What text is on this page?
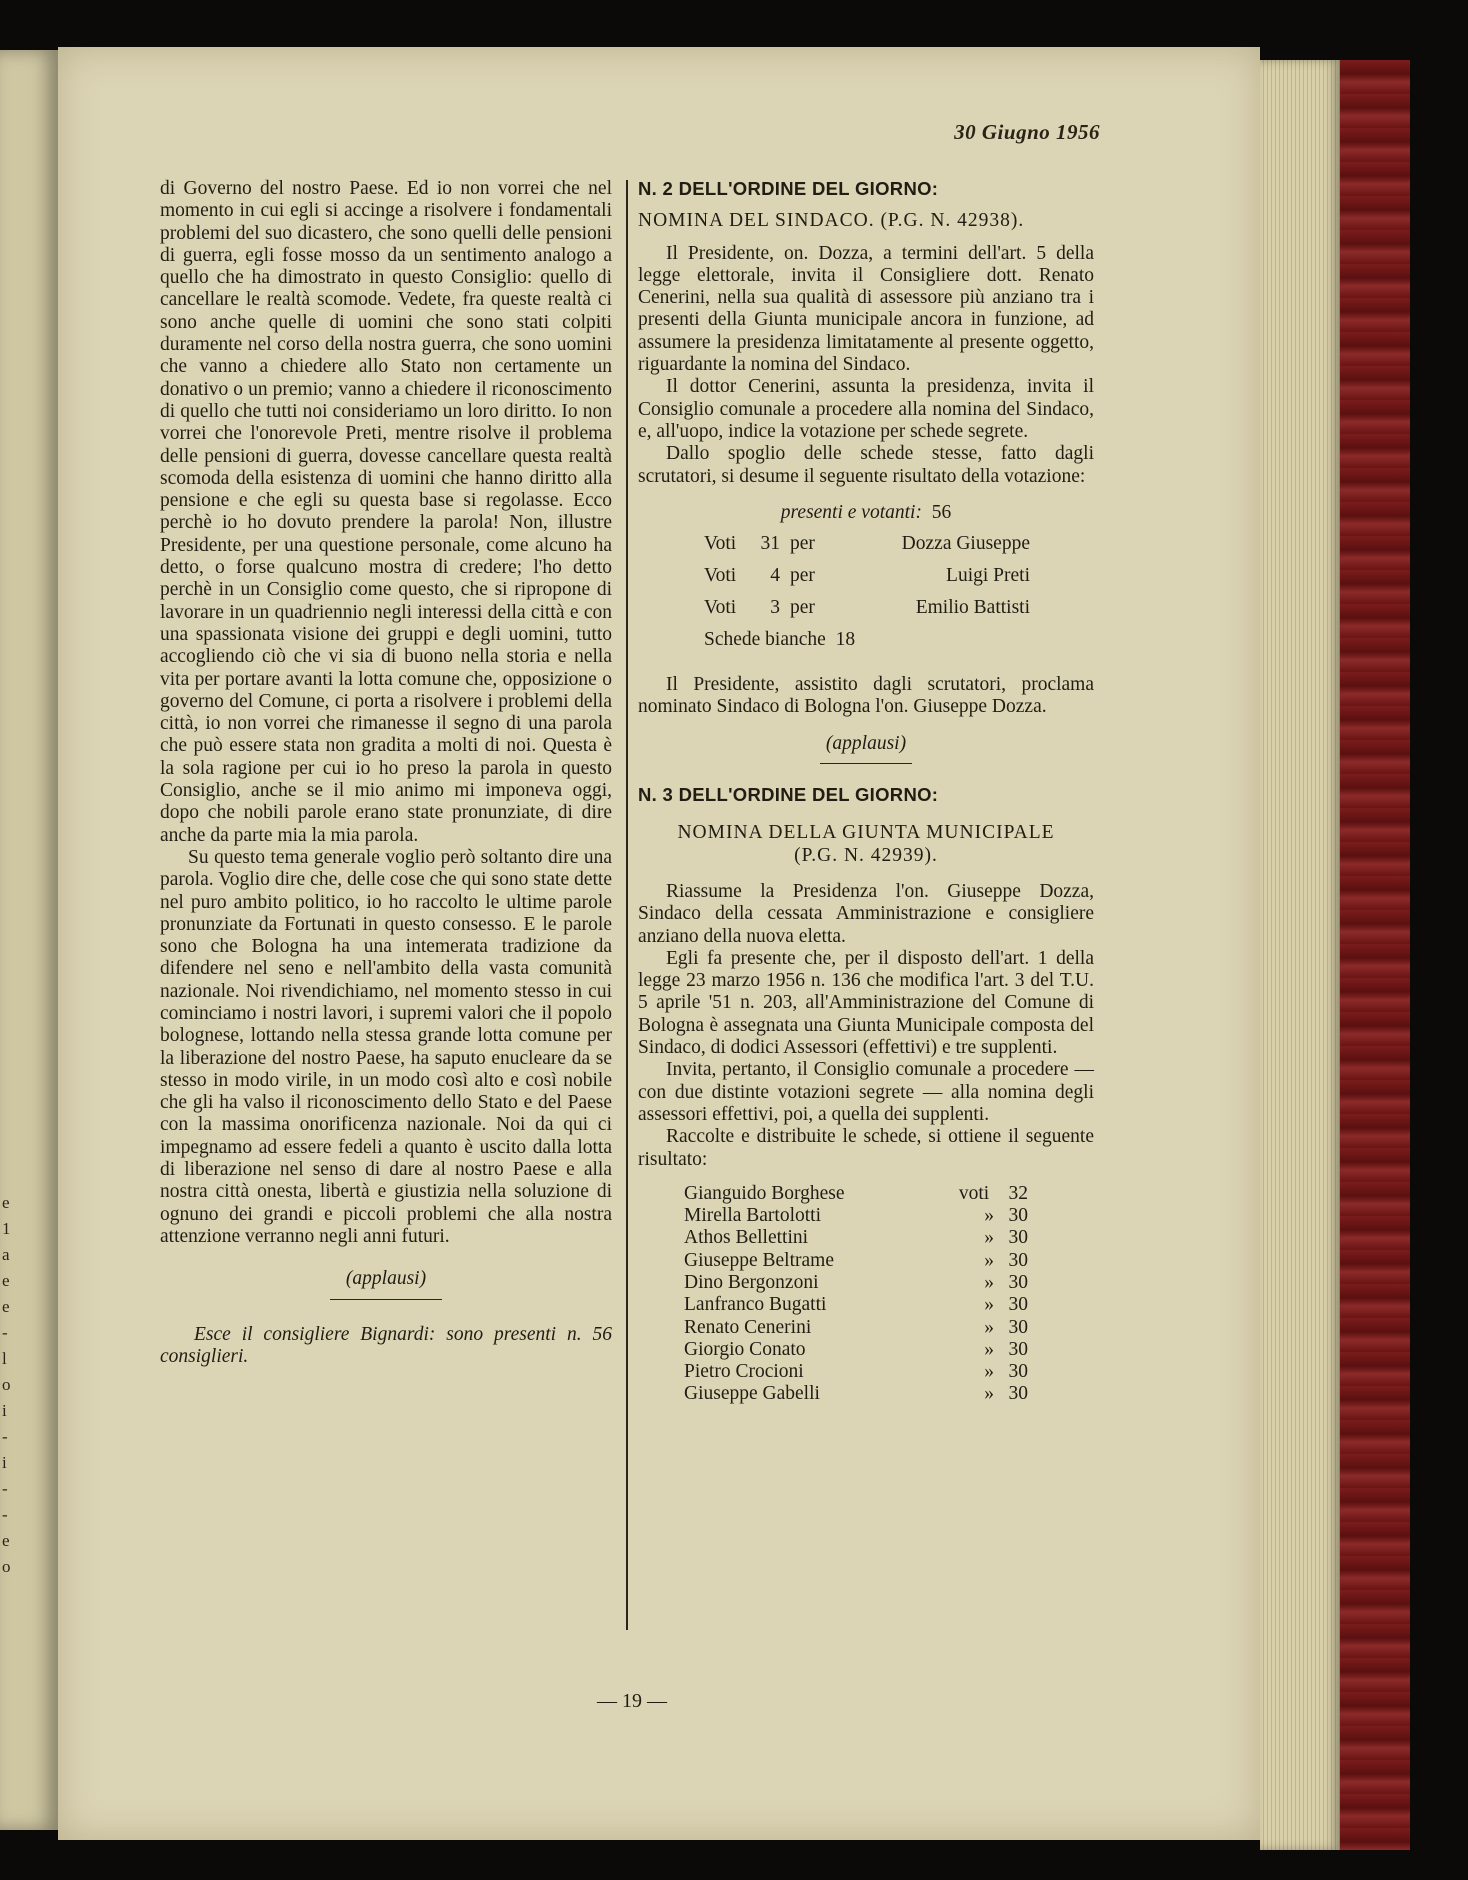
e
1
a
e
e
-
l
o
i
-
i
-
-
e
o
30 Giugno 1956

di Governo del nostro Paese. Ed io non vorrei che nel momento in cui egli si accinge a risolvere i fondamentali problemi del suo dicastero, che sono quelli delle pensioni di guerra, egli fosse mosso da un sentimento analogo a quello che ha dimostrato in questo Consiglio: quello di cancellare le realtà scomode. Vedete, fra queste realtà ci sono anche quelle di uomini che sono stati colpiti duramente nel corso della nostra guerra, che sono uomini che vanno a chiedere allo Stato non certamente un donativo o un premio; vanno a chiedere il riconoscimento di quello che tutti noi consideriamo un loro diritto. Io non vorrei che l'onorevole Preti, mentre risolve il problema delle pensioni di guerra, dovesse cancellare questa realtà scomoda della esistenza di uomini che hanno diritto alla pensione e che egli su questa base si regolasse. Ecco perchè io ho dovuto prendere la parola! Non, illustre Presidente, per una questione personale, come alcuno ha detto, o forse qualcuno mostra di credere; l'ho detto perchè in un Consiglio come questo, che si ripropone di lavorare in un quadriennio negli interessi della città e con una spassionata visione dei gruppi e degli uomini, tutto accogliendo ciò che vi sia di buono nella storia e nella vita per portare avanti la lotta comune che, opposizione o governo del Comune, ci porta a risolvere i problemi della città, io non vorrei che rimanesse il segno di una parola che può essere stata non gradita a molti di noi. Questa è la sola ragione per cui io ho preso la parola in questo Consiglio, anche se il mio animo mi imponeva oggi, dopo che nobili parole erano state pronunziate, di dire anche da parte mia la mia parola.

Su questo tema generale voglio però soltanto dire una parola. Voglio dire che, delle cose che qui sono state dette nel puro ambito politico, io ho raccolto le ultime parole pronunziate da Fortunati in questo consesso. E le parole sono che Bologna ha una intemerata tradizione da difendere nel seno e nell'ambito della vasta comunità nazionale. Noi rivendichiamo, nel momento stesso in cui cominciamo i nostri lavori, i supremi valori che il popolo bolognese, lottando nella stessa grande lotta comune per la liberazione del nostro Paese, ha saputo enucleare da se stesso in modo virile, in un modo così alto e così nobile che gli ha valso il riconoscimento dello Stato e del Paese con la massima onorificenza nazionale. Noi da qui ci impegnamo ad essere fedeli a quanto è uscito dalla lotta di liberazione nel senso di dare al nostro Paese e alla nostra città onesta, libertà e giustizia nella soluzione di ognuno dei grandi e piccoli problemi che alla nostra attenzione verranno negli anni futuri.

(applausi)

Esce il consigliere Bignardi: sono presenti n. 56 consiglieri.

N. 2 DELL'ORDINE DEL GIORNO:

NOMINA DEL SINDACO. (P.G. N. 42938).

Il Presidente, on. Dozza, a termini dell'art. 5 della legge elettorale, invita il Consigliere dott. Renato Cenerini, nella sua qualità di assessore più anziano tra i presenti della Giunta municipale ancora in funzione, ad assumere la presidenza limitatamente al presente oggetto, riguardante la nomina del Sindaco.

Il dottor Cenerini, assunta la presidenza, invita il Consiglio comunale a procedere alla nomina del Sindaco, e, all'uopo, indice la votazione per schede segrete.

Dallo spoglio delle schede stesse, fatto dagli scrutatori, si desume il seguente risultato della votazione:

presenti e votanti: 56

Voti	31	per	Dozza Giuseppe
Voti	4	per	Luigi Preti
Voti	3	per	Emilio Battisti
Schede bianche 18			

Il Presidente, assistito dagli scrutatori, proclama nominato Sindaco di Bologna l'on. Giuseppe Dozza.

(applausi)

N. 3 DELL'ORDINE DEL GIORNO:

NOMINA DELLA GIUNTA MUNICIPALE

(P.G. N. 42939).

Riassume la Presidenza l'on. Giuseppe Dozza, Sindaco della cessata Amministrazione e consigliere anziano della nuova eletta.

Egli fa presente che, per il disposto dell'art. 1 della legge 23 marzo 1956 n. 136 che modifica l'art. 3 del T.U. 5 aprile '51 n. 203, all'Amministrazione del Comune di Bologna è assegnata una Giunta Municipale composta del Sindaco, di dodici Assessori (effettivi) e tre supplenti.

Invita, pertanto, il Consiglio comunale a procedere — con due distinte votazioni segrete — alla nomina degli assessori effettivi, poi, a quella dei supplenti.

Raccolte e distribuite le schede, si ottiene il seguente risultato:

Gianguido Borghese	voti	32
Mirella Bartolotti	»	30
Athos Bellettini	»	30
Giuseppe Beltrame	»	30
Dino Bergonzoni	»	30
Lanfranco Bugatti	»	30
Renato Cenerini	»	30
Giorgio Conato	»	30
Pietro Crocioni	»	30
Giuseppe Gabelli	»	30
— 19 —
